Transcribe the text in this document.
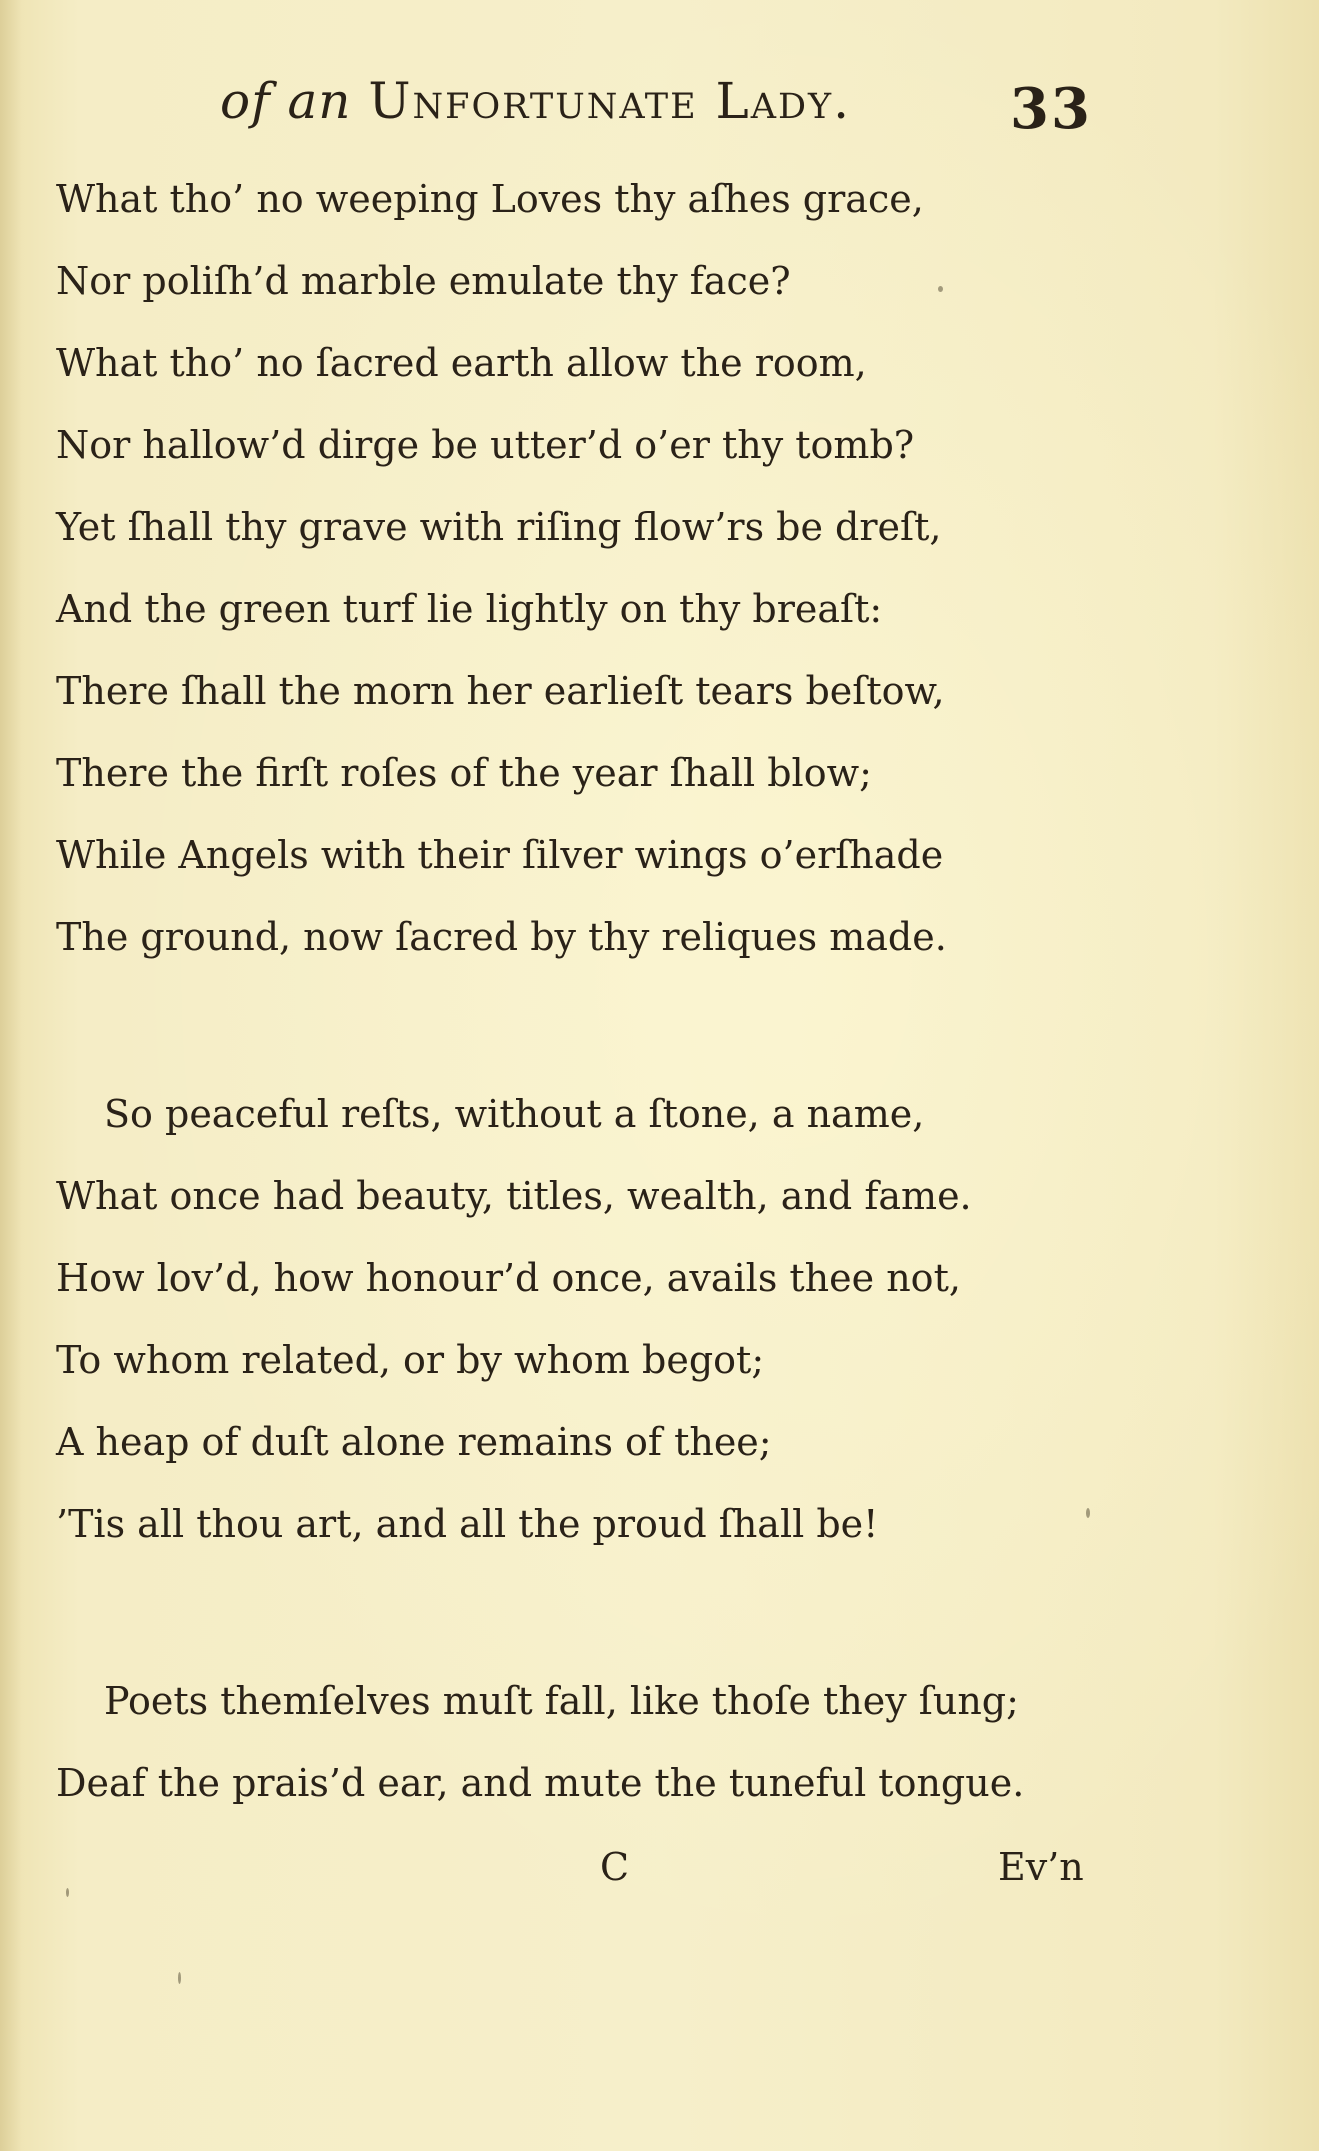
of an Unfortunate Lady.	33
What tho’ no weeping Loves thy aſhes grace,
Nor poliſh’d marble emulate thy face?
What tho’ no ſacred earth allow the room,
Nor hallow’d dirge be utter’d o’er thy tomb?
Yet ſhall thy grave with riſing flow’rs be dreſt,
And the green turf lie lightly on thy breaſt:
There ſhall the morn her earlieſt tears beſtow,
There the firſt roſes of the year ſhall blow;
While Angels with their ſilver wings o’erſhade
The ground, now ſacred by thy reliques made.
So peaceful reſts, without a ſtone, a name,
What once had beauty, titles, wealth, and fame.
How lov’d, how honour’d once, avails thee not,
To whom related, or by whom begot;
A heap of duſt alone remains of thee;
’Tis all thou art, and all the proud ſhall be!
Poets themſelves muſt fall, like thoſe they ſung;
Deaf the prais’d ear, and mute the tuneful tongue.
C	Ev’n
